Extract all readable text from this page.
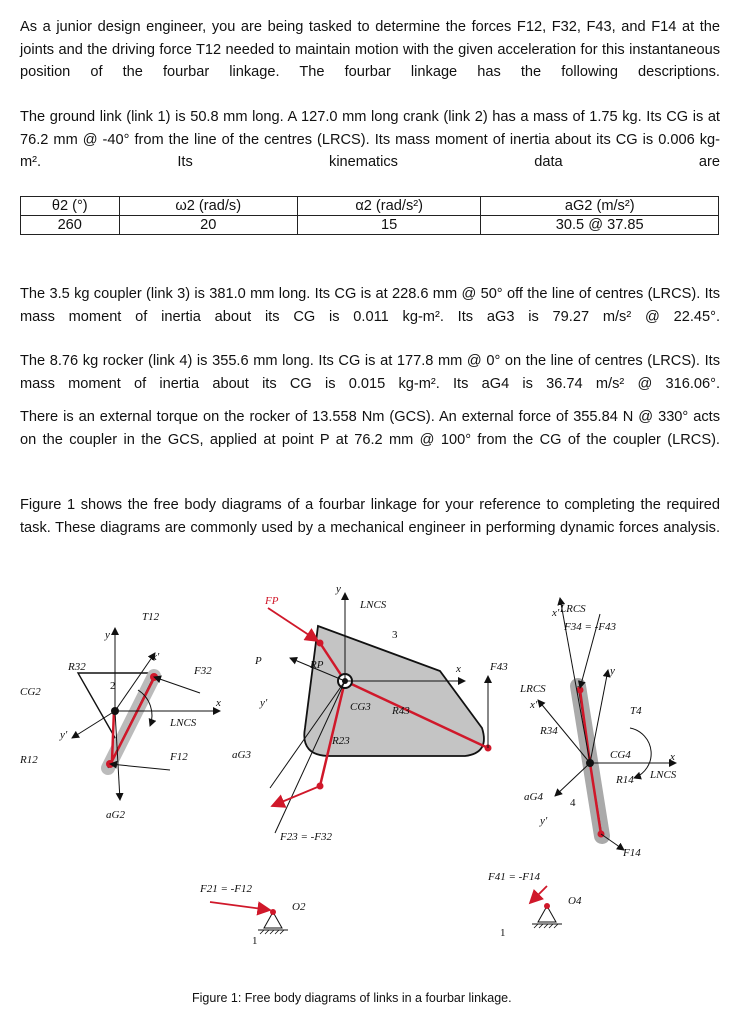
As a junior design engineer, you are being tasked to determine the forces F12, F32, F43, and F14 at the joints and the driving force T12 needed to maintain motion with the given acceleration for this instantaneous position of the fourbar linkage. The fourbar linkage has the following descriptions.

The ground link (link 1) is 50.8 mm long. A 127.0 mm long crank (link 2) has a mass of 1.75 kg. Its CG is at 76.2 mm @ -40° from the line of the centres (LRCS). Its mass moment of inertia about its CG is 0.006 kg-m². Its kinematics data are

θ2 (°)	ω2 (rad/s)	α2 (rad/s²)	aG2 (m/s²)
260	20	15	30.5 @ 37.85

The 3.5 kg coupler (link 3) is 381.0 mm long. Its CG is at 228.6 mm @ 50° off the line of centres (LRCS). Its mass moment of inertia about its CG is 0.011 kg-m². Its aG3 is 79.27 m/s² @ 22.45°.

The 8.76 kg rocker (link 4) is 355.6 mm long. Its CG is at 177.8 mm @ 0° on the line of centres (LRCS). Its mass moment of inertia about its CG is 0.015 kg-m². Its aG4 is 36.74 m/s² @ 316.06°.

There is an external torque on the rocker of 13.558 Nm (GCS). An external force of 355.84 N @ 330° acts on the coupler in the GCS, applied at point P at 76.2 mm @ 100° from the CG of the coupler (LRCS).

Figure 1 shows the free body diagrams of a fourbar linkage for your reference to completing the required task. These diagrams are commonly used by a mechanical engineer in performing dynamic forces analysis.

CG2
R32
R12
T12
F32
F12
LNCS
aG2
y
x
x'
y'
2
FP
P	RP
CG3 R43
R23
aG3
F43
F23 = -F32
LNCS
y
x
y'
3
F21 = -F12
O2
1
LRCS
x'
F34 = -F43
LRCS
x'
R34
y
CG4
T4
R14
x
LNCS
aG4
y'
4
F14
F41 = -F14
O4
1
Figure 1: Free body diagrams of links in a fourbar linkage.
